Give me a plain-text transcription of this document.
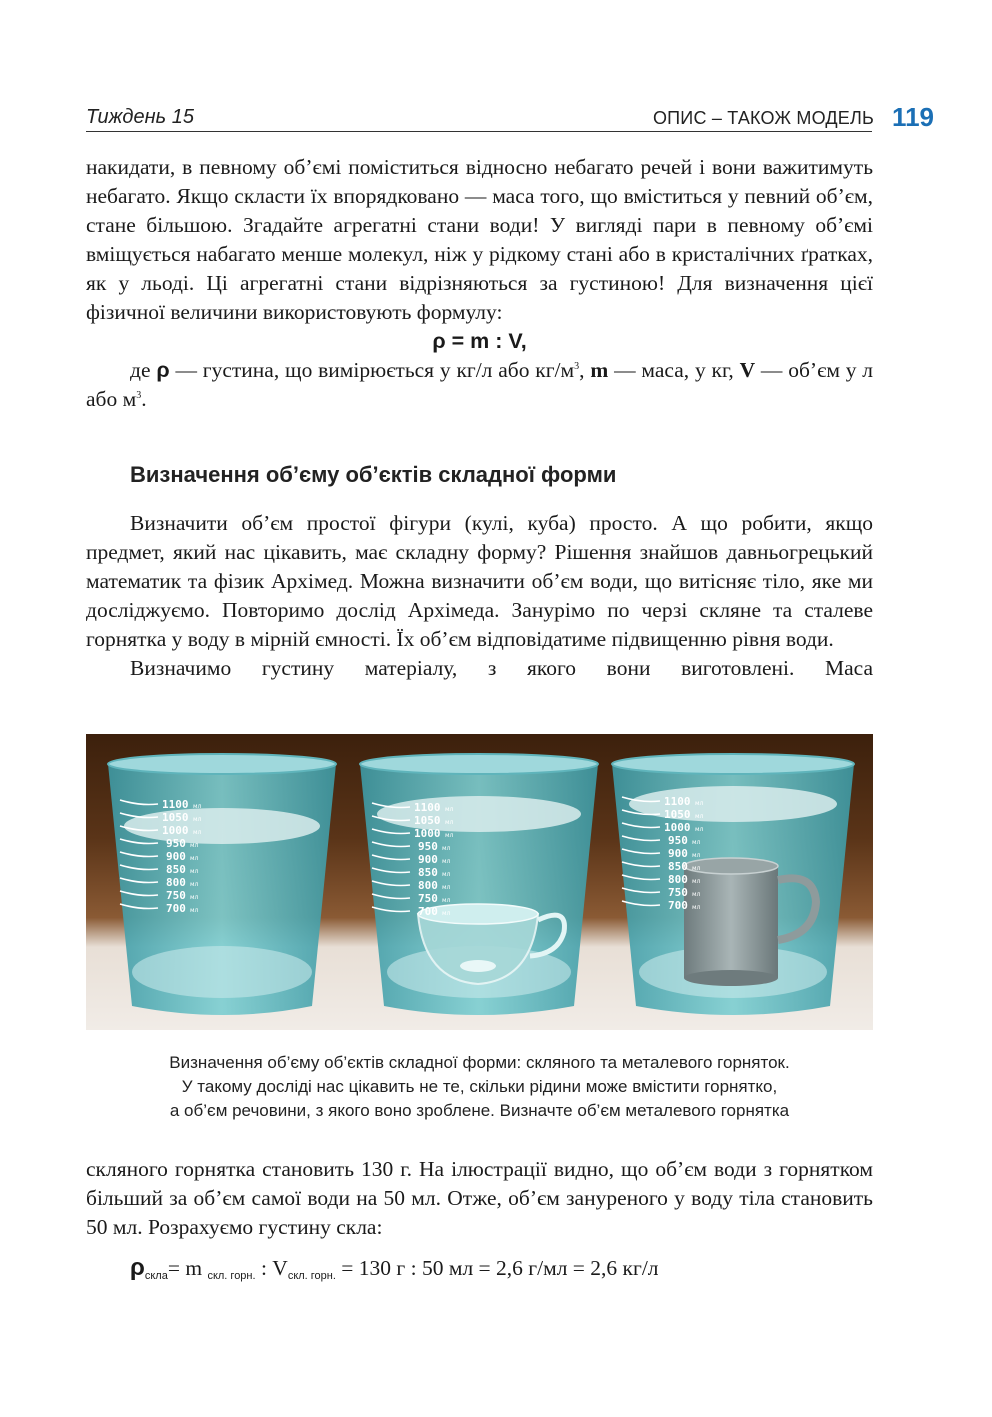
Тиждень 15	ОПИС – ТАКОЖ МОДЕЛЬ 119

накидати, в певному об’ємі поміститься відносно небагато речей і вони важитимуть небагато. Якщо скласти їх впорядковано — маса того, що вміститься у певний об’єм, стане більшою. Згадайте агрегатні стани води! У вигляді пари в певному об’ємі вміщується набагато менше молекул, ніж у рідкому стані або в кристалічних ґратках, як у льоді. Ці агрегатні стани відрізняються за густиною! Для визначення цієї фізичної величини використовують формулу:

ρ = m : V,

де ρ — густина, що вимірюється у кг/л або $кг/м^3$, m — маса, у кг, V — об’єм у л або $м^3$.

Визначення об’єму об’єктів складної форми

Визначити об’єм простої фігури (кулі, куба) просто. А що робити, якщо предмет, який нас цікавить, має складну форму? Рішення знайшов давньогрецький математик та фізик Архімед. Можна визначити об’єм води, що витісняє тіло, яке ми досліджуємо. Повторимо дослід Архімеда. Занурімо по черзі скляне та сталеве горнятка у воду в мірній ємності. Їх об’єм відповідатиме підвищенню рівня води.

Визначимо густину матеріалу, з якого вони виготовлені. Маса

1100 мл
1050 мл
1000 мл
950 мл
900 мл
850 мл
800 мл
750 мл
700 мл
1100 мл
1050 мл
1000 мл
950 мл
900 мл
850 мл
800 мл
750 мл
700 мл
1100 мл
1050 мл
1000 мл
950 мл
900 мл
850 мл
800 мл
750 мл
700 мл
Визначення об’єму об’єктів складної форми: скляного та металевого горняток.
У такому досліді нас цікавить не те, скільки рідини може вмістити горнятко,
а об’єм речовини, з якого воно зроблене. Визначте об’єм металевого горнятка

скляного горнятка становить 130 г. На ілюстрації видно, що об’єм води з горнятком більший за об’єм самої води на 50 мл. Отже, об’єм зануреного у воду тіла становить 50 мл. Розрахуємо густину скла:

$\rho_{скла}= m$ $_{скл. горн.}$ : $V_{скл. горн.} = 130$ г : 50 мл = 2,6 г/мл = 2,6 кг/л
